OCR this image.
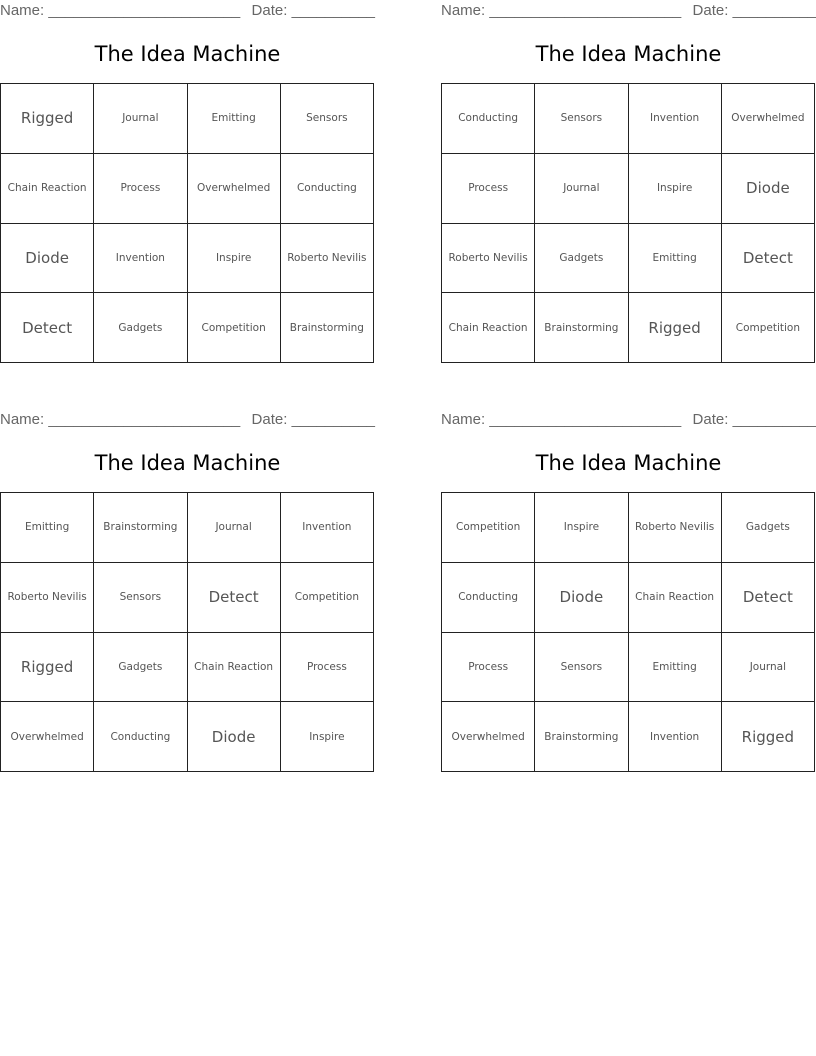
Name: _______________________ Date: __________
The Idea Machine
Rigged	Journal	Emitting	Sensors
Chain Reaction	Process	Overwhelmed	Conducting
Diode	Invention	Inspire	Roberto Nevilis
Detect	Gadgets	Competition	Brainstorming
Name: _______________________ Date: __________
The Idea Machine
Conducting	Sensors	Invention	Overwhelmed
Process	Journal	Inspire	Diode
Roberto Nevilis	Gadgets	Emitting	Detect
Chain Reaction	Brainstorming	Rigged	Competition
Name: _______________________ Date: __________
The Idea Machine
Emitting	Brainstorming	Journal	Invention
Roberto Nevilis	Sensors	Detect	Competition
Rigged	Gadgets	Chain Reaction	Process
Overwhelmed	Conducting	Diode	Inspire
Name: _______________________ Date: __________
The Idea Machine
Competition	Inspire	Roberto Nevilis	Gadgets
Conducting	Diode	Chain Reaction	Detect
Process	Sensors	Emitting	Journal
Overwhelmed	Brainstorming	Invention	Rigged
